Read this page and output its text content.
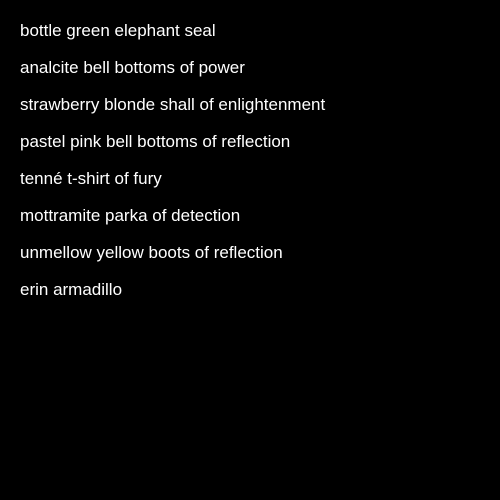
bottle green elephant seal
analcite bell bottoms of power
strawberry blonde shall of enlightenment
pastel pink bell bottoms of reflection
tenné t-shirt of fury
mottramite parka of detection
unmellow yellow boots of reflection
erin armadillo
